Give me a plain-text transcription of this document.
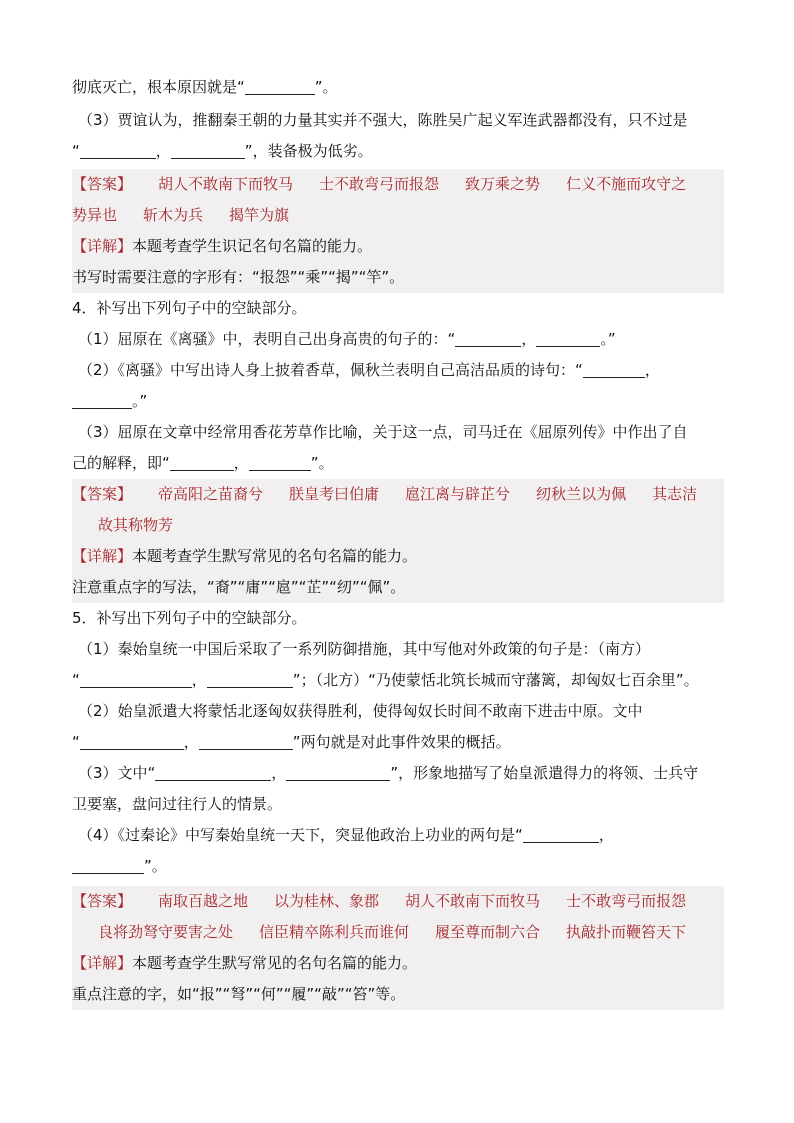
彻底灭亡，根本原因就是“	”。
（3）贾谊认为，推翻秦王朝的力量其实并不强大，陈胜吴广起义军连武器都没有，只不过是
“	，	”，装备极为低劣。
【答案】 胡人不敢南下而牧马 士不敢弯弓而报怨 致万乘之势 仁义不施而攻守之
势异也 斩木为兵 揭竿为旗
【详解】本题考查学生识记名句名篇的能力。
书写时需要注意的字形有：“报怨”“乘”“揭”“竿”。
4．补写出下列句子中的空缺部分。
（1）屈原在《离骚》中，表明自己出身高贵的句子的：“	，	。”
（2）《离骚》中写出诗人身上披着香草，佩秋兰表明自己高洁品质的诗句：“	，
。”
（3）屈原在文章中经常用香花芳草作比喻，关于这一点，司马迁在《屈原列传》中作出了自
己的解释，即“	，	”。
【答案】 帝高阳之苗裔兮 朕皇考曰伯庸 扈江离与辟芷兮 纫秋兰以为佩 其志洁
故其称物芳
【详解】本题考查学生默写常见的名句名篇的能力。
注意重点字的写法，“裔”“庸”“扈”“芷”“纫”“佩”。
5．补写出下列句子中的空缺部分。
（1）秦始皇统一中国后采取了一系列防御措施，其中写他对外政策的句子是：（南方）
“	，	”；（北方）“乃使蒙恬北筑长城而守藩篱，却匈奴七百余里”。
（2）始皇派遣大将蒙恬北逐匈奴获得胜利，使得匈奴长时间不敢南下进击中原。文中
“	，	”两句就是对此事件效果的概括。
（3）文中“	，	”，形象地描写了始皇派遣得力的将领、士兵守
卫要塞，盘问过往行人的情景。
（4）《过秦论》中写秦始皇统一天下，突显他政治上功业的两句是“	，
”。
【答案】 南取百越之地 以为桂林、象郡 胡人不敢南下而牧马 士不敢弯弓而报怨
良将劲弩守要害之处 信臣精卒陈利兵而谁何 履至尊而制六合 执敲扑而鞭笞天下
【详解】本题考查学生默写常见的名句名篇的能力。
重点注意的字，如“报”“弩”“何”“履”“敲”“笞”等。
